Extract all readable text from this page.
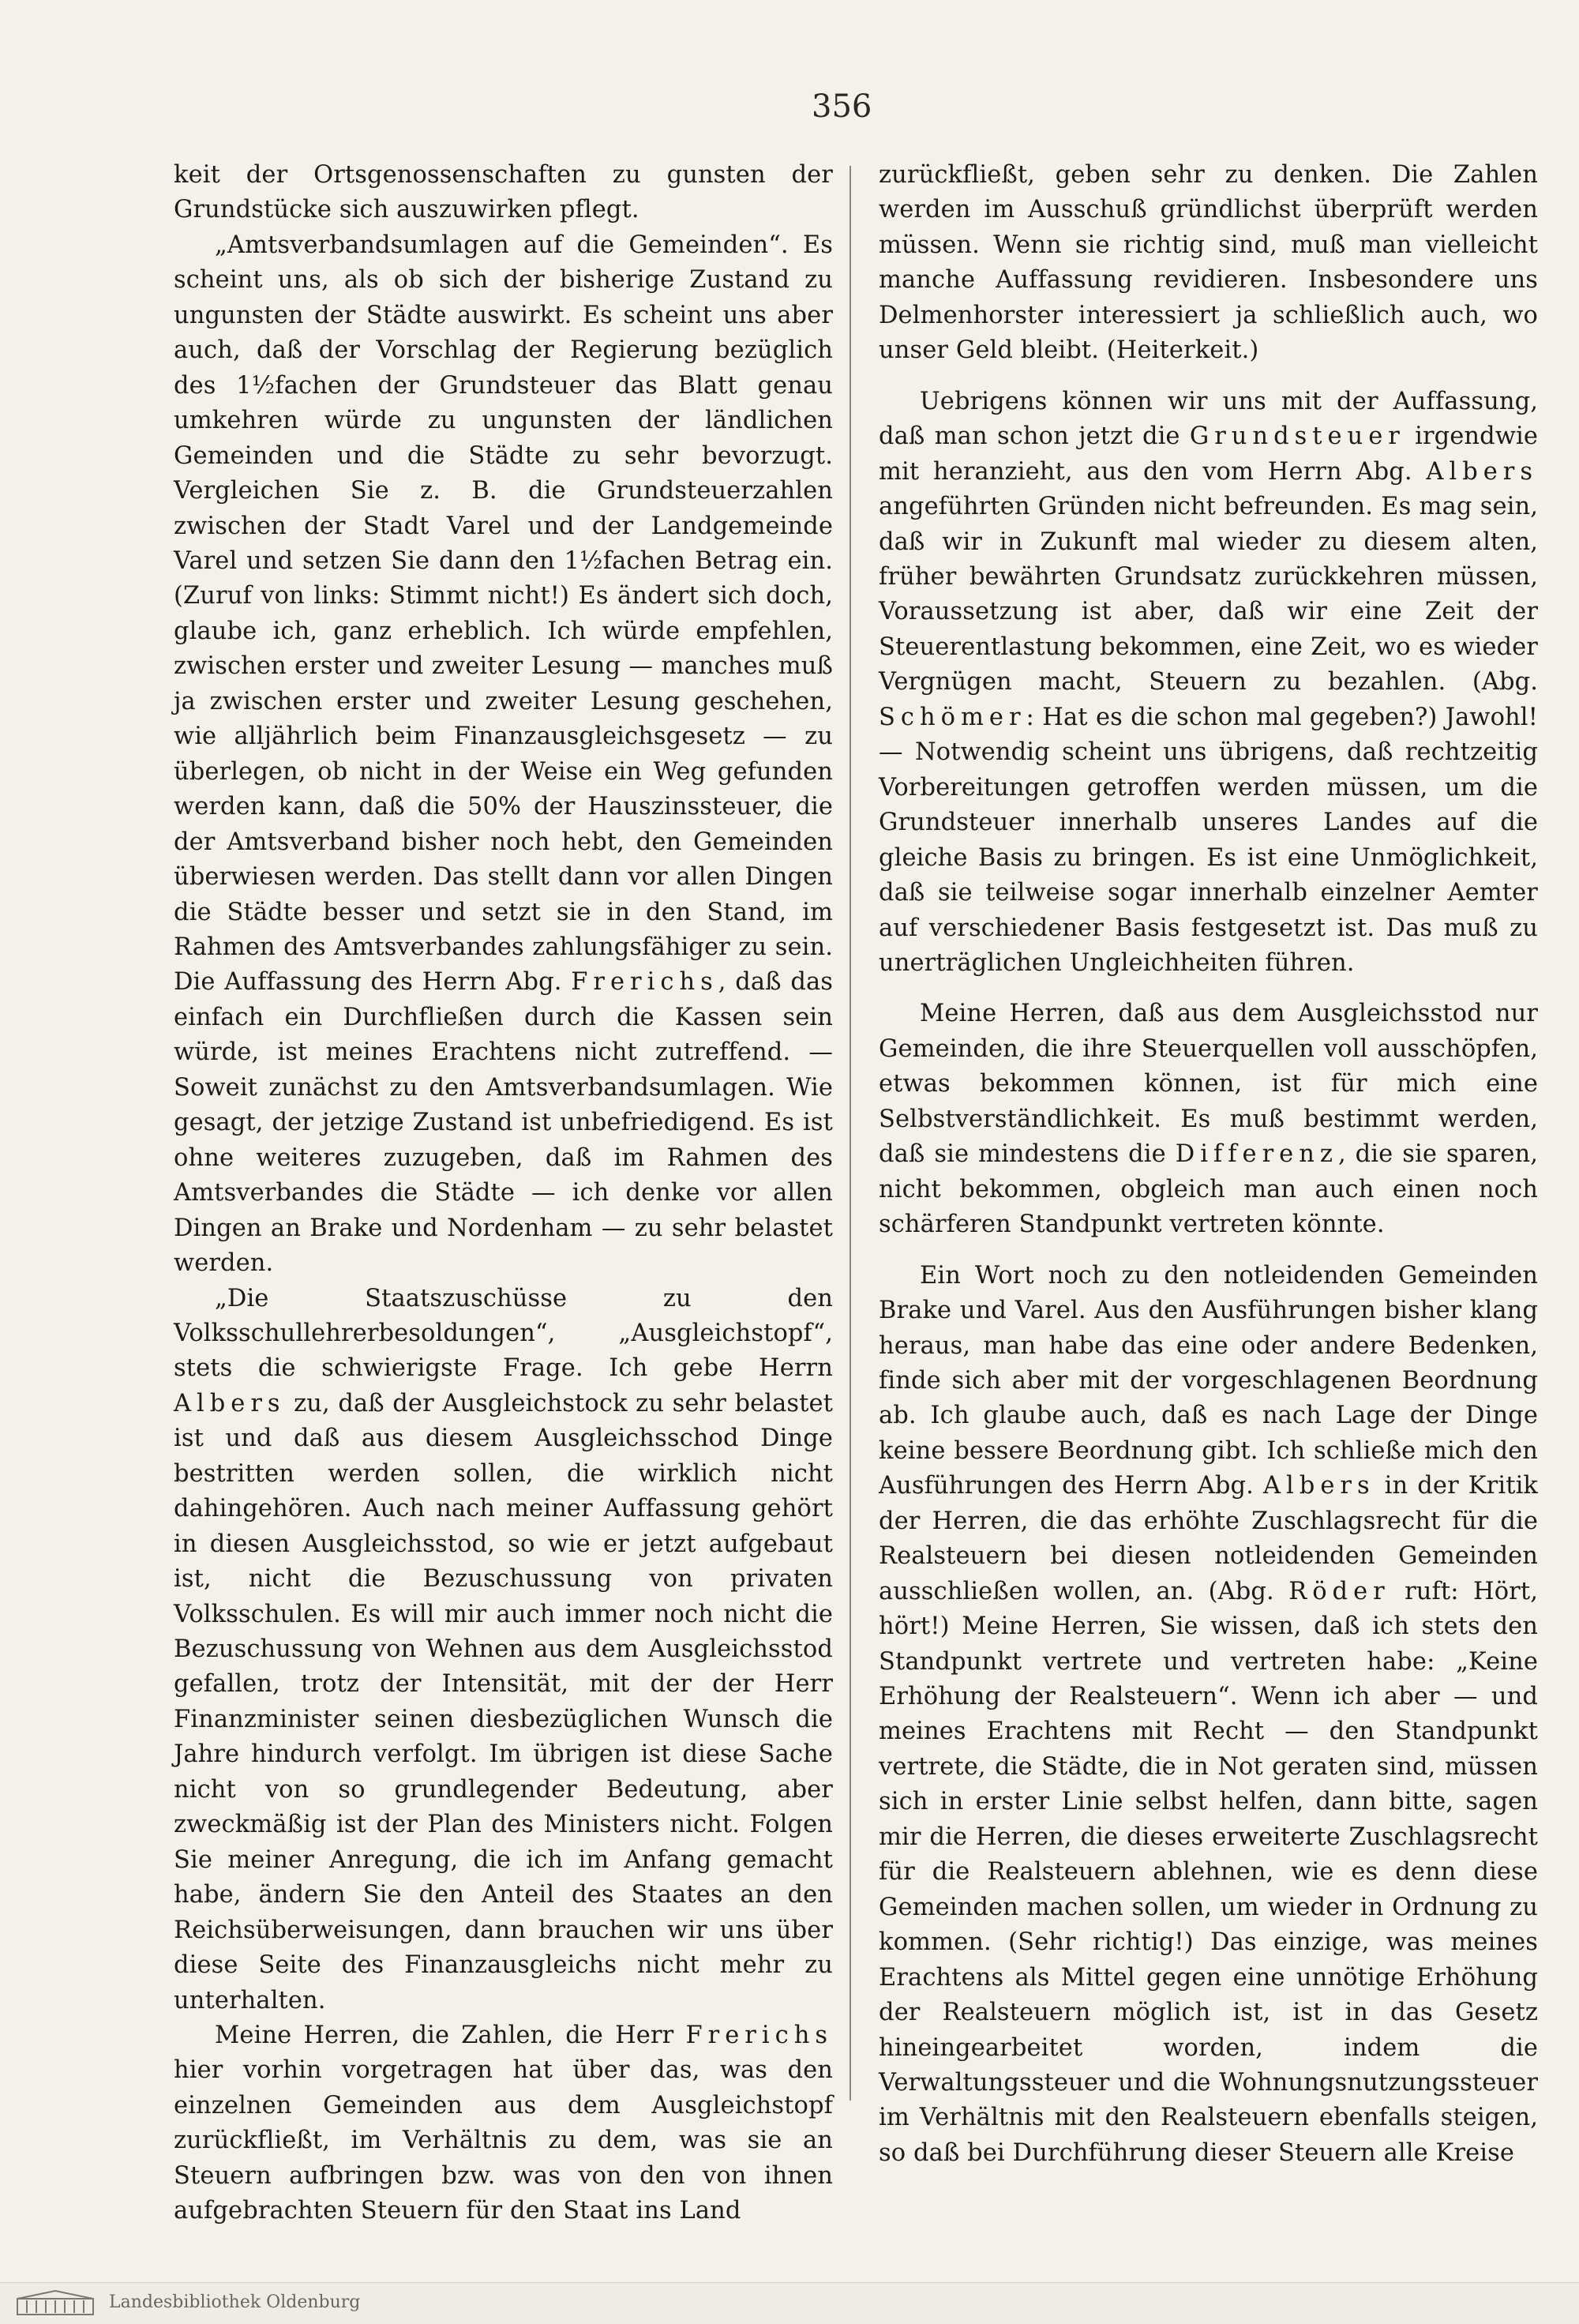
356

keit der Ortsgenossenschaften zu gunsten der Grundstücke sich auszuwirken pflegt.

„Amtsverbandsumlagen auf die Gemeinden“. Es scheint uns, als ob sich der bisherige Zustand zu ungunsten der Städte auswirkt. Es scheint uns aber auch, daß der Vorschlag der Regierung bezüglich des 1½fachen der Grundsteuer das Blatt genau umkehren würde zu ungunsten der ländlichen Gemeinden und die Städte zu sehr bevorzugt. Vergleichen Sie z. B. die Grundsteuerzahlen zwischen der Stadt Varel und der Landgemeinde Varel und setzen Sie dann den 1½fachen Betrag ein. (Zuruf von links: Stimmt nicht!) Es ändert sich doch, glaube ich, ganz erheblich. Ich würde empfehlen, zwischen erster und zweiter Lesung — manches muß ja zwischen erster und zweiter Lesung geschehen, wie alljährlich beim Finanzausgleichsgesetz — zu überlegen, ob nicht in der Weise ein Weg gefunden werden kann, daß die 50% der Hauszinssteuer, die der Amtsverband bisher noch hebt, den Gemeinden überwiesen werden. Das stellt dann vor allen Dingen die Städte besser und setzt sie in den Stand, im Rahmen des Amtsverbandes zahlungsfähiger zu sein. Die Auffassung des Herrn Abg. Frerichs, daß das einfach ein Durchfließen durch die Kassen sein würde, ist meines Erachtens nicht zutreffend. — Soweit zunächst zu den Amtsverbandsumlagen. Wie gesagt, der jetzige Zustand ist unbefriedigend. Es ist ohne weiteres zuzugeben, daß im Rahmen des Amtsverbandes die Städte — ich denke vor allen Dingen an Brake und Nordenham — zu sehr belastet werden.

„Die Staatszuschüsse zu den Volksschullehrerbesoldungen“, „Ausgleichstopf“, stets die schwierigste Frage. Ich gebe Herrn Albers zu, daß der Ausgleichstock zu sehr belastet ist und daß aus diesem Ausgleichsschod Dinge bestritten werden sollen, die wirklich nicht dahingehören. Auch nach meiner Auffassung gehört in diesen Ausgleichsstod, so wie er jetzt aufgebaut ist, nicht die Bezuschussung von privaten Volksschulen. Es will mir auch immer noch nicht die Bezuschussung von Wehnen aus dem Ausgleichsstod gefallen, trotz der Intensität, mit der der Herr Finanzminister seinen diesbezüglichen Wunsch die Jahre hindurch verfolgt. Im übrigen ist diese Sache nicht von so grundlegender Bedeutung, aber zweckmäßig ist der Plan des Ministers nicht. Folgen Sie meiner Anregung, die ich im Anfang gemacht habe, ändern Sie den Anteil des Staates an den Reichsüberweisungen, dann brauchen wir uns über diese Seite des Finanzausgleichs nicht mehr zu unterhalten.

Meine Herren, die Zahlen, die Herr Frerichs hier vorhin vorgetragen hat über das, was den einzelnen Gemeinden aus dem Ausgleichstopf zurückfließt, im Verhältnis zu dem, was sie an Steuern aufbringen bzw. was von den von ihnen aufgebrachten Steuern für den Staat ins Land

zurückfließt, geben sehr zu denken. Die Zahlen werden im Ausschuß gründlichst überprüft werden müssen. Wenn sie richtig sind, muß man vielleicht manche Auffassung revidieren. Insbesondere uns Delmenhorster interessiert ja schließlich auch, wo unser Geld bleibt. (Heiterkeit.)

Uebrigens können wir uns mit der Auffassung, daß man schon jetzt die Grundsteuer irgendwie mit heranzieht, aus den vom Herrn Abg. Albers angeführten Gründen nicht befreunden. Es mag sein, daß wir in Zukunft mal wieder zu diesem alten, früher bewährten Grundsatz zurückkehren müssen, Voraussetzung ist aber, daß wir eine Zeit der Steuerentlastung bekommen, eine Zeit, wo es wieder Vergnügen macht, Steuern zu bezahlen. (Abg. Schömer: Hat es die schon mal gegeben?) Jawohl! — Notwendig scheint uns übrigens, daß rechtzeitig Vorbereitungen getroffen werden müssen, um die Grundsteuer innerhalb unseres Landes auf die gleiche Basis zu bringen. Es ist eine Unmöglichkeit, daß sie teilweise sogar innerhalb einzelner Aemter auf verschiedener Basis festgesetzt ist. Das muß zu unerträglichen Ungleichheiten führen.

Meine Herren, daß aus dem Ausgleichsstod nur Gemeinden, die ihre Steuerquellen voll ausschöpfen, etwas bekommen können, ist für mich eine Selbstverständlichkeit. Es muß bestimmt werden, daß sie mindestens die Differenz, die sie sparen, nicht bekommen, obgleich man auch einen noch schärferen Standpunkt vertreten könnte.

Ein Wort noch zu den notleidenden Gemeinden Brake und Varel. Aus den Ausführungen bisher klang heraus, man habe das eine oder andere Bedenken, finde sich aber mit der vorgeschlagenen Beordnung ab. Ich glaube auch, daß es nach Lage der Dinge keine bessere Beordnung gibt. Ich schließe mich den Ausführungen des Herrn Abg. Albers in der Kritik der Herren, die das erhöhte Zuschlagsrecht für die Realsteuern bei diesen notleidenden Gemeinden ausschließen wollen, an. (Abg. Röder ruft: Hört, hört!) Meine Herren, Sie wissen, daß ich stets den Standpunkt vertrete und vertreten habe: „Keine Erhöhung der Realsteuern“. Wenn ich aber — und meines Erachtens mit Recht — den Standpunkt vertrete, die Städte, die in Not geraten sind, müssen sich in erster Linie selbst helfen, dann bitte, sagen mir die Herren, die dieses erweiterte Zuschlagsrecht für die Realsteuern ablehnen, wie es denn diese Gemeinden machen sollen, um wieder in Ordnung zu kommen. (Sehr richtig!) Das einzige, was meines Erachtens als Mittel gegen eine unnötige Erhöhung der Realsteuern möglich ist, ist in das Gesetz hineingearbeitet worden, indem die Verwaltungssteuer und die Wohnungsnutzungssteuer im Verhältnis mit den Realsteuern ebenfalls steigen, so daß bei Durchführung dieser Steuern alle Kreise

Landesbibliothek Oldenburg
